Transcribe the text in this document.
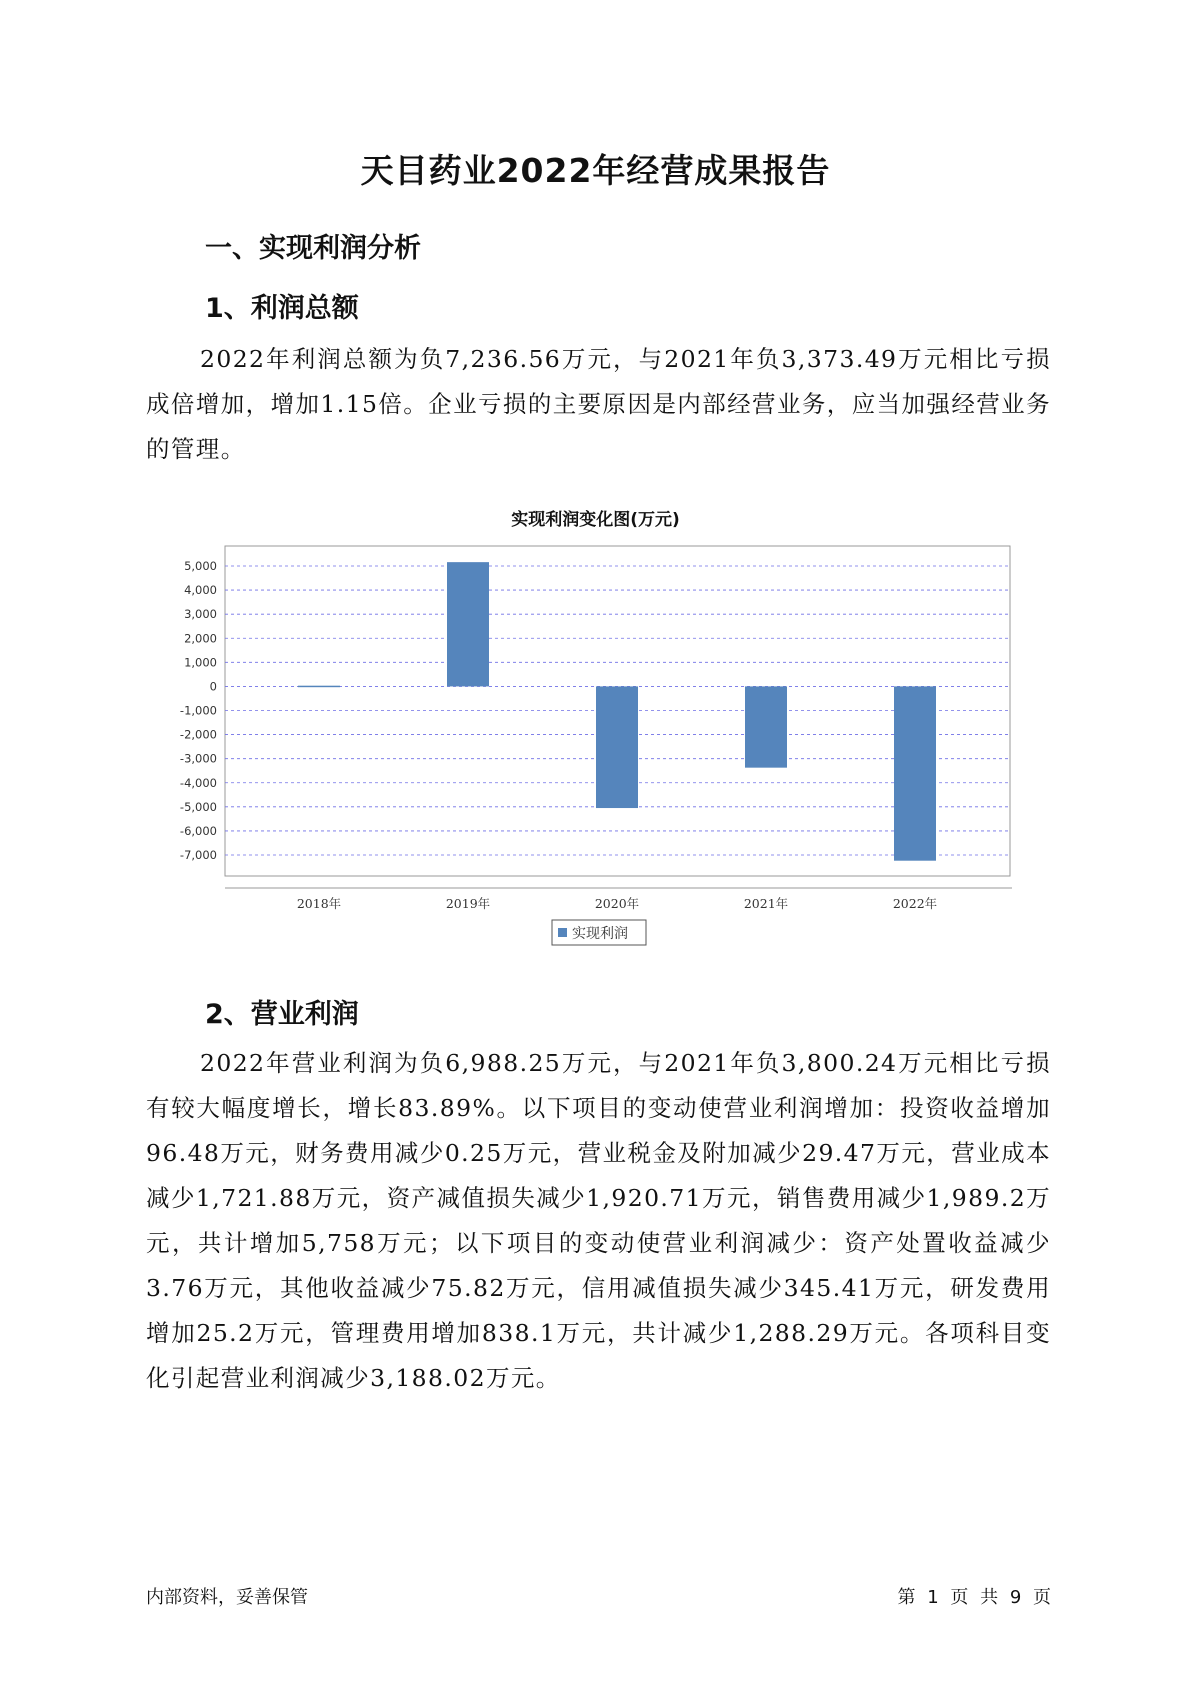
天目药业2022年经营成果报告
一、实现利润分析
1、利润总额

2022年利润总额为负7,236.56万元，与2021年负3,373.49万元相比亏损成倍增加，增加1.15倍。企业亏损的主要原因是内部经营业务，应当加强经营业务的管理。

实现利润变化图(万元)
5,000
4,000
3,000
2,000
1,000
0
-1,000
-2,000
-3,000
-4,000
-5,000
-6,000
-7,000
2018年	2019年	2020年	2021年	2022年
实现利润
2、营业利润

2022年营业利润为负6,988.25万元，与2021年负3,800.24万元相比亏损有较大幅度增长，增长83.89%。以下项目的变动使营业利润增加：投资收益增加96.48万元，财务费用减少0.25万元，营业税金及附加减少29.47万元，营业成本减少1,721.88万元，资产减值损失减少1,920.71万元，销售费用减少1,989.2万元，共计增加5,758万元；以下项目的变动使营业利润减少：资产处置收益减少3.76万元，其他收益减少75.82万元，信用减值损失减少345.41万元，研发费用增加25.2万元，管理费用增加838.1万元，共计减少1,288.29万元。各项科目变化引起营业利润减少3,188.02万元。

内部资料，妥善保管	第 1 页 共 9 页
